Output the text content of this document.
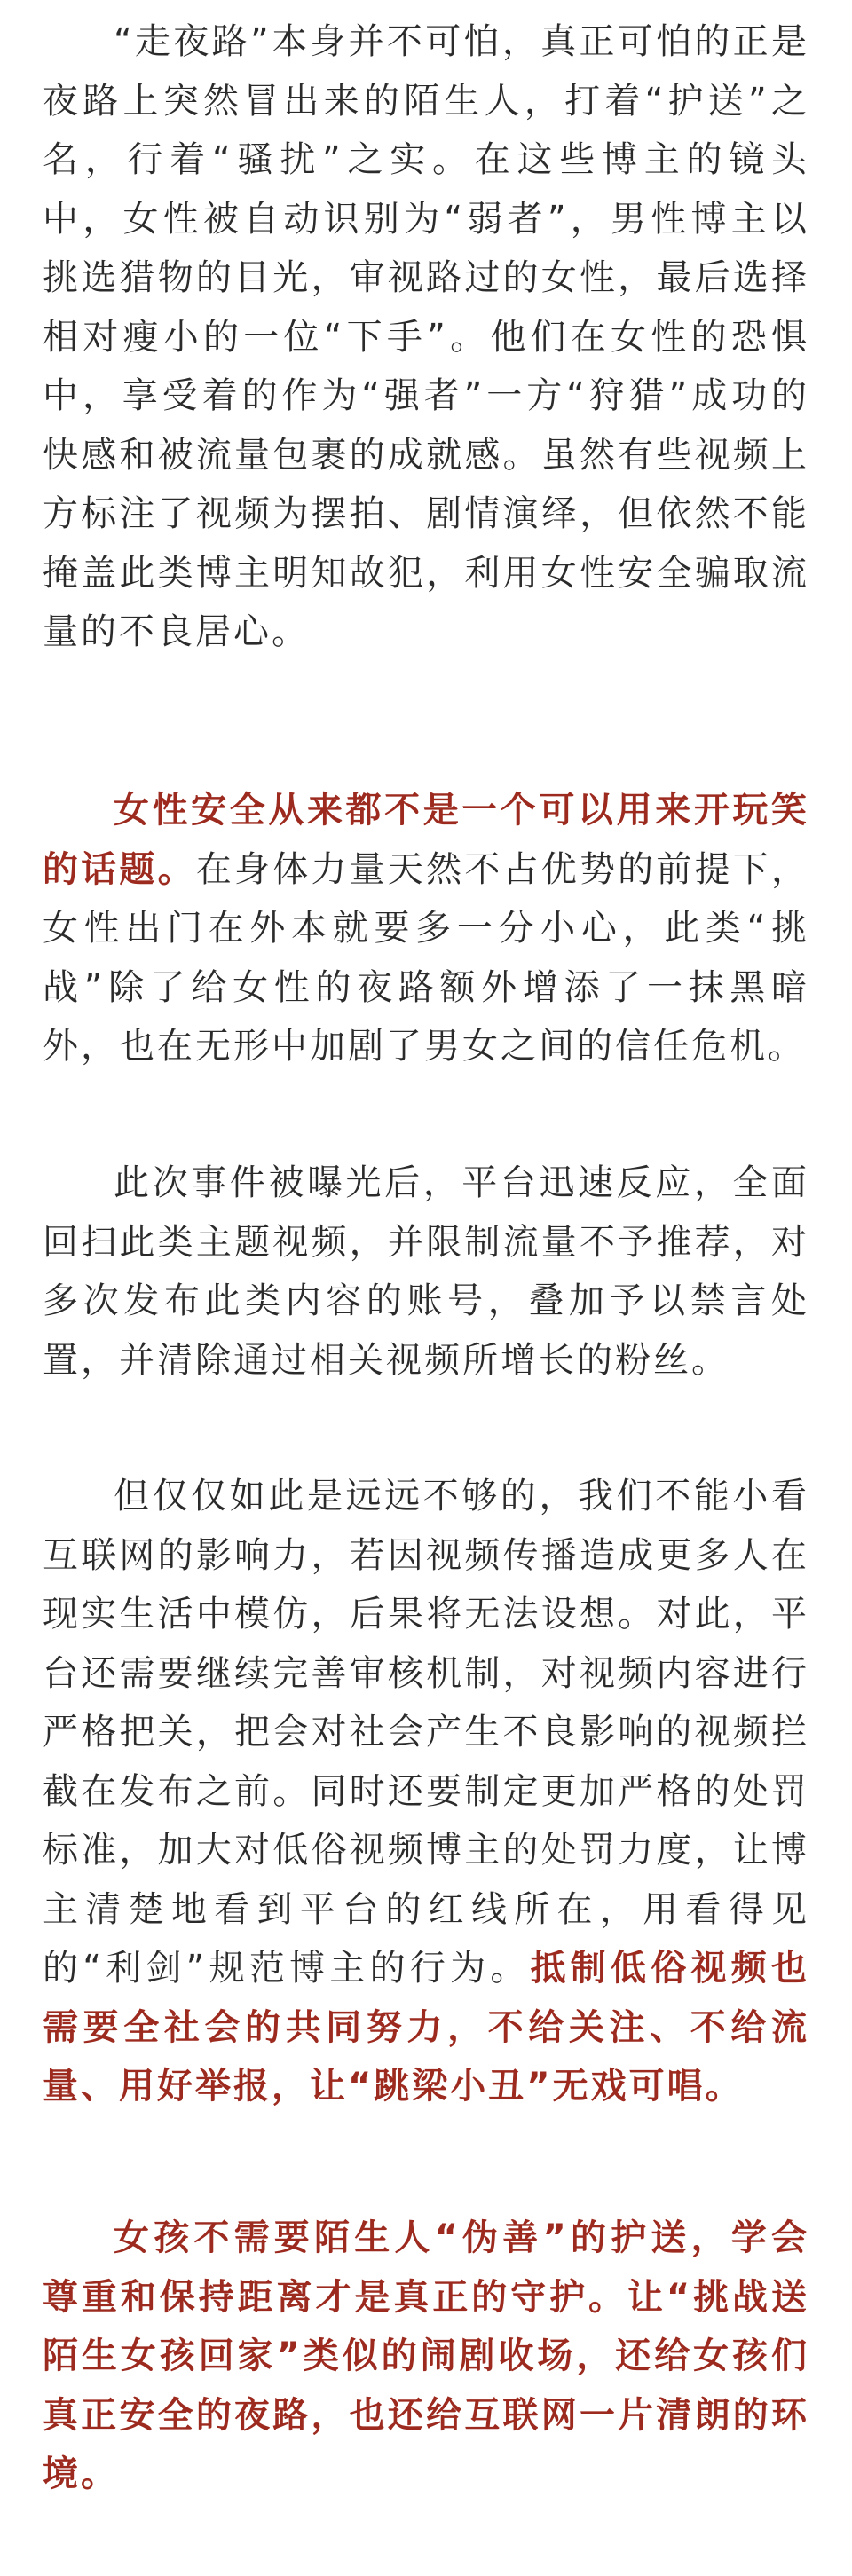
“走夜路”本身并不可怕，真正可怕的正是夜路上突然冒出来的陌生人，打着“护送”之名，行着“骚扰”之实。在这些博主的镜头中，女性被自动识别为“弱者”，男性博主以挑选猎物的目光，审视路过的女性，最后选择相对瘦小的一位“下手”。他们在女性的恐惧中，享受着的作为“强者”一方“狩猎”成功的快感和被流量包裹的成就感。虽然有些视频上方标注了视频为摆拍、剧情演绎，但依然不能掩盖此类博主明知故犯，利用女性安全骗取流量的不良居心。

女性安全从来都不是一个可以用来开玩笑的话题。在身体力量天然不占优势的前提下，女性出门在外本就要多一分小心，此类“挑战”除了给女性的夜路额外增添了一抹黑暗外，也在无形中加剧了男女之间的信任危机。

此次事件被曝光后，平台迅速反应，全面回扫此类主题视频，并限制流量不予推荐，对多次发布此类内容的账号，叠加予以禁言处置，并清除通过相关视频所增长的粉丝。

但仅仅如此是远远不够的，我们不能小看互联网的影响力，若因视频传播造成更多人在现实生活中模仿，后果将无法设想。对此，平台还需要继续完善审核机制，对视频内容进行严格把关，把会对社会产生不良影响的视频拦截在发布之前。同时还要制定更加严格的处罚标准，加大对低俗视频博主的处罚力度，让博主清楚地看到平台的红线所在，用看得见的“利剑”规范博主的行为。抵制低俗视频也需要全社会的共同努力，不给关注、不给流量、用好举报，让“跳梁小丑”无戏可唱。

女孩不需要陌生人“伪善”的护送，学会尊重和保持距离才是真正的守护。让“挑战送陌生女孩回家”类似的闹剧收场，还给女孩们真正安全的夜路，也还给互联网一片清朗的环境。
